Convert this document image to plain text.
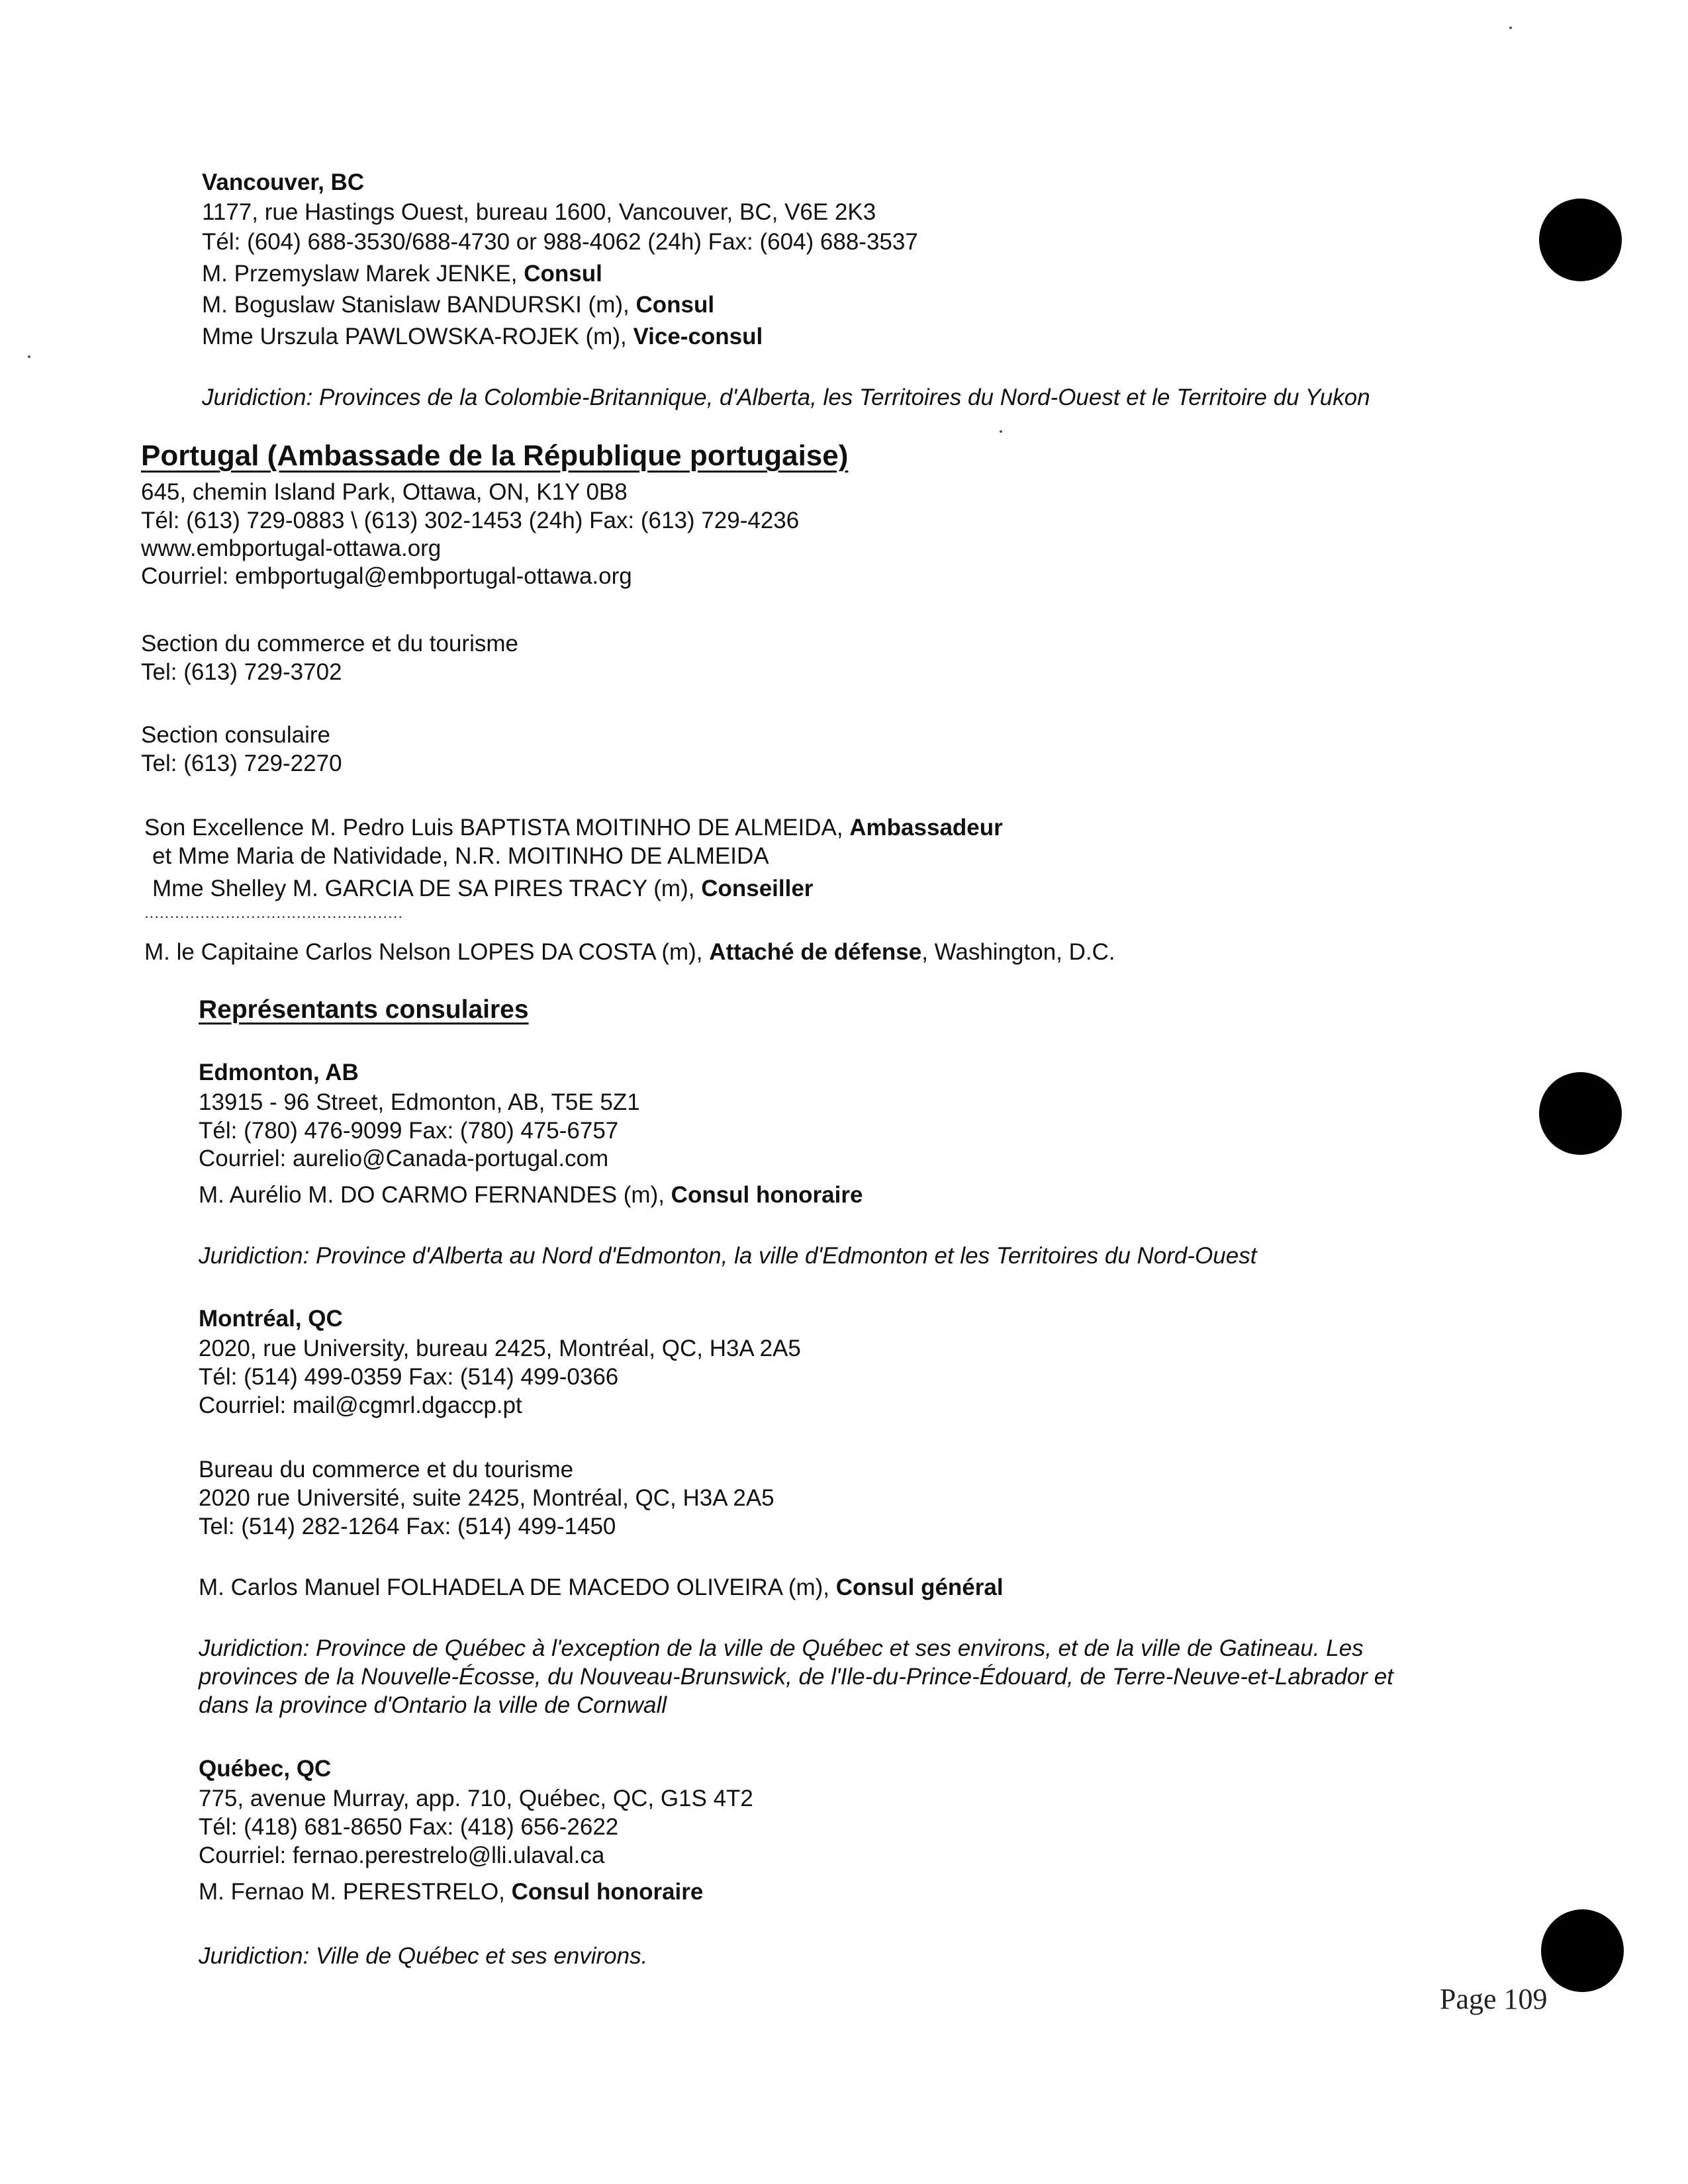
Vancouver, BC
1177, rue Hastings Ouest, bureau 1600, Vancouver, BC, V6E 2K3
Tél: (604) 688-3530/688-4730 or 988-4062 (24h) Fax: (604) 688-3537
M. Przemyslaw Marek JENKE, Consul
M. Boguslaw Stanislaw BANDURSKI (m), Consul
Mme Urszula PAWLOWSKA-ROJEK (m), Vice-consul
Juridiction: Provinces de la Colombie-Britannique, d'Alberta, les Territoires du Nord-Ouest et le Territoire du Yukon
Portugal (Ambassade de la République portugaise)
645, chemin Island Park, Ottawa, ON, K1Y 0B8
Tél: (613) 729-0883 \ (613) 302-1453 (24h) Fax: (613) 729-4236
www.embportugal-ottawa.org
Courriel: embportugal@embportugal-ottawa.org
Section du commerce et du tourisme
Tel: (613) 729-3702
Section consulaire
Tel: (613) 729-2270
Son Excellence M. Pedro Luis BAPTISTA MOITINHO DE ALMEIDA, Ambassadeur
et Mme Maria de Natividade, N.R. MOITINHO DE ALMEIDA
Mme Shelley M. GARCIA DE SA PIRES TRACY (m), Conseiller
...................................................
M. le Capitaine Carlos Nelson LOPES DA COSTA (m), Attaché de défense, Washington, D.C.
Représentants consulaires
Edmonton, AB
13915 - 96 Street, Edmonton, AB, T5E 5Z1
Tél: (780) 476-9099 Fax: (780) 475-6757
Courriel: aurelio@Canada-portugal.com
M. Aurélio M. DO CARMO FERNANDES (m), Consul honoraire
Juridiction: Province d'Alberta au Nord d'Edmonton, la ville d'Edmonton et les Territoires du Nord-Ouest
Montréal, QC
2020, rue University, bureau 2425, Montréal, QC, H3A 2A5
Tél: (514) 499-0359 Fax: (514) 499-0366
Courriel: mail@cgmrl.dgaccp.pt
Bureau du commerce et du tourisme
2020 rue Université, suite 2425, Montréal, QC, H3A 2A5
Tel: (514) 282-1264 Fax: (514) 499-1450
M. Carlos Manuel FOLHADELA DE MACEDO OLIVEIRA (m), Consul général
Juridiction: Province de Québec à l'exception de la ville de Québec et ses environs, et de la ville de Gatineau. Les
provinces de la Nouvelle-Écosse, du Nouveau-Brunswick, de l'Ile-du-Prince-Édouard, de Terre-Neuve-et-Labrador et
dans la province d'Ontario la ville de Cornwall
Québec, QC
775, avenue Murray, app. 710, Québec, QC, G1S 4T2
Tél: (418) 681-8650 Fax: (418) 656-2622
Courriel: fernao.perestrelo@lli.ulaval.ca
M. Fernao M. PERESTRELO, Consul honoraire
Juridiction: Ville de Québec et ses environs.
Page 109
